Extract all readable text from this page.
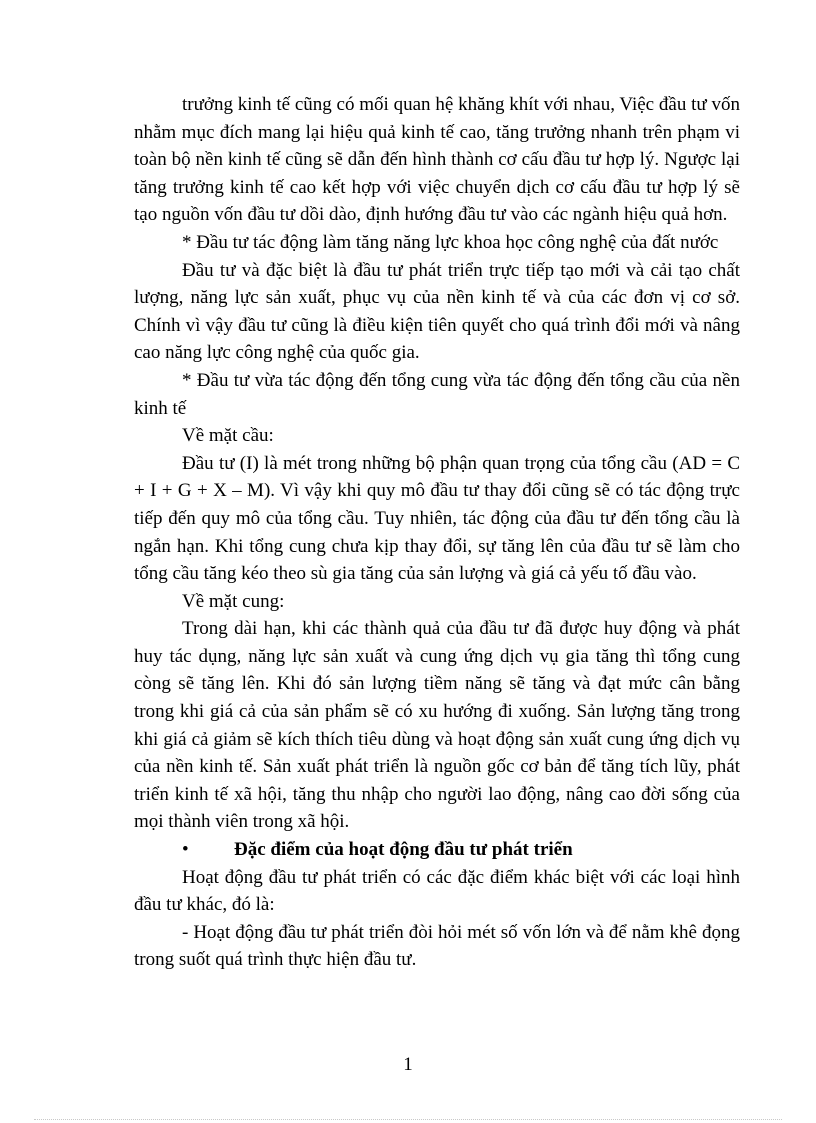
trưởng kinh tế cũng có mối quan hệ khăng khít với nhau, Việc đầu tư vốn nhằm mục đích mang lại hiệu quả kinh tế cao, tăng trưởng nhanh trên phạm vi toàn bộ nền kinh tế cũng sẽ dẫn đến hình thành cơ cấu đầu tư hợp lý. Ngược lại tăng trưởng kinh tế cao kết hợp với việc chuyển dịch cơ cấu đầu tư hợp lý sẽ tạo nguồn vốn đầu tư dồi dào, định hướng đầu tư vào các ngành hiệu quả hơn.

* Đầu tư tác động làm tăng năng lực khoa học công nghệ của đất nước

Đầu tư và đặc biệt là đầu tư phát triển trực tiếp tạo mới và cải tạo chất lượng, năng lực sản xuất, phục vụ của nền kinh tế và của các đơn vị cơ sở. Chính vì vậy đầu tư cũng là điều kiện tiên quyết cho quá trình đổi mới và nâng cao năng lực công nghệ của quốc gia.

* Đầu tư vừa tác động đến tổng cung vừa tác động đến tổng cầu của nền kinh tế

Về mặt cầu:

Đầu tư (I) là mét trong những bộ phận quan trọng của tổng cầu (AD = C + I + G + X – M). Vì vậy khi quy mô đầu tư thay đổi cũng sẽ có tác động trực tiếp đến quy mô của tổng cầu. Tuy nhiên, tác động của đầu tư đến tổng cầu là ngắn hạn. Khi tổng cung chưa kịp thay đổi, sự tăng lên của đầu tư sẽ làm cho tổng cầu tăng kéo theo sù gia tăng của sản lượng và giá cả yếu tố đầu vào.

Về mặt cung:

Trong dài hạn, khi các thành quả của đầu tư đã được huy động và phát huy tác dụng, năng lực sản xuất và cung ứng dịch vụ gia tăng thì tổng cung còng sẽ tăng lên. Khi đó sản lượng tiềm năng sẽ tăng và đạt mức cân bằng trong khi giá cả của sản phẩm sẽ có xu hướng đi xuống. Sản lượng tăng trong khi giá cả giảm sẽ kích thích tiêu dùng và hoạt động sản xuất cung ứng dịch vụ của nền kinh tế. Sản xuất phát triển là nguồn gốc cơ bản để tăng tích lũy, phát triển kinh tế xã hội, tăng thu nhập cho người lao động, nâng cao đời sống của mọi thành viên trong xã hội.

•	Đặc điểm của hoạt động đầu tư phát triển

Hoạt động đầu tư phát triển có các đặc điểm khác biệt với các loại hình đầu tư khác, đó là:

- Hoạt động đầu tư phát triển đòi hỏi mét số vốn lớn và để nằm khê đọng trong suốt quá trình thực hiện đầu tư.

1
